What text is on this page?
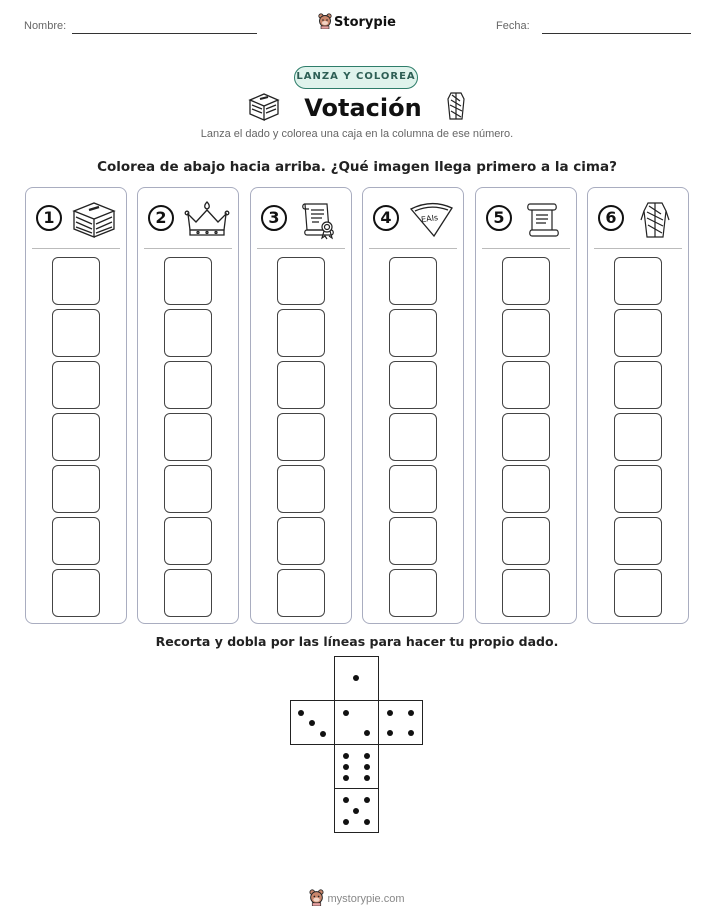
Nombre:	Storypie	Fecha:
LANZA Y COLOREA
Votación
Lanza el dado y colorea una caja en la columna de ese número.
Colorea de abajo hacia arriba. ¿Qué imagen llega primero a la cima?
1	2	3	4	EAIs	5	6
Recorta y dobla por las líneas para hacer tu propio dado.
mystorypie.com
